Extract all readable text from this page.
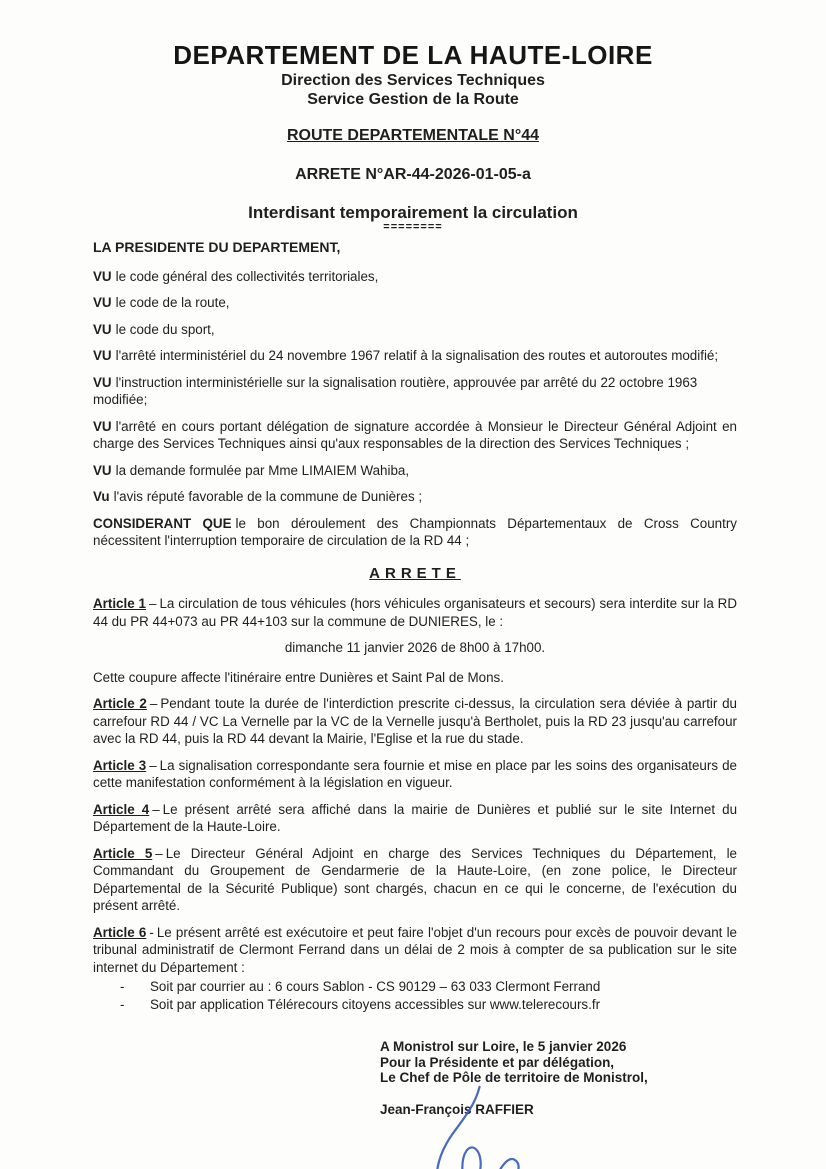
DEPARTEMENT DE LA HAUTE-LOIRE
Direction des Services Techniques
Service Gestion de la Route
ROUTE DEPARTEMENTALE N°44
ARRETE N°AR-44-2026-01-05-a
Interdisant temporairement la circulation
========

LA PRESIDENTE DU DEPARTEMENT,

VU le code général des collectivités territoriales,

VU le code de la route,

VU le code du sport,

VU l'arrêté interministériel du 24 novembre 1967 relatif à la signalisation des routes et autoroutes modifié;

VU l'instruction interministérielle sur la signalisation routière, approuvée par arrêté du 22 octobre 1963 modifiée;

VU l'arrêté en cours portant délégation de signature accordée à Monsieur le Directeur Général Adjoint en charge des Services Techniques ainsi qu'aux responsables de la direction des Services Techniques ;

VU la demande formulée par Mme LIMAIEM Wahiba,

Vu l'avis réputé favorable de la commune de Dunières ;

CONSIDERANT QUE le bon déroulement des Championnats Départementaux de Cross Country nécessitent l'interruption temporaire de circulation de la RD 44 ;

ARRETE

Article 1 – La circulation de tous véhicules (hors véhicules organisateurs et secours) sera interdite sur la RD 44 du PR 44+073 au PR 44+103 sur la commune de DUNIERES, le :

dimanche 11 janvier 2026 de 8h00 à 17h00.

Cette coupure affecte l'itinéraire entre Dunières et Saint Pal de Mons.

Article 2 – Pendant toute la durée de l'interdiction prescrite ci-dessus, la circulation sera déviée à partir du carrefour RD 44 / VC La Vernelle par la VC de la Vernelle jusqu'à Bertholet, puis la RD 23 jusqu'au carrefour avec la RD 44, puis la RD 44 devant la Mairie, l'Eglise et la rue du stade.

Article 3 – La signalisation correspondante sera fournie et mise en place par les soins des organisateurs de cette manifestation conformément à la législation en vigueur.

Article 4 – Le présent arrêté sera affiché dans la mairie de Dunières et publié sur le site Internet du Département de la Haute-Loire.

Article 5 – Le Directeur Général Adjoint en charge des Services Techniques du Département, le Commandant du Groupement de Gendarmerie de la Haute-Loire, (en zone police, le Directeur Départemental de la Sécurité Publique) sont chargés, chacun en ce qui le concerne, de l'exécution du présent arrêté.

Article 6 - Le présent arrêté est exécutoire et peut faire l'objet d'un recours pour excès de pouvoir devant le tribunal administratif de Clermont Ferrand dans un délai de 2 mois à compter de sa publication sur le site internet du Département :

-	Soit par courrier au : 6 cours Sablon - CS 90129 – 63 033 Clermont Ferrand
-	Soit par application Télérecours citoyens accessibles sur www.telerecours.fr
A Monistrol sur Loire, le 5 janvier 2026
Pour la Présidente et par délégation,
Le Chef de Pôle de territoire de Monistrol,
Jean-François RAFFIER
